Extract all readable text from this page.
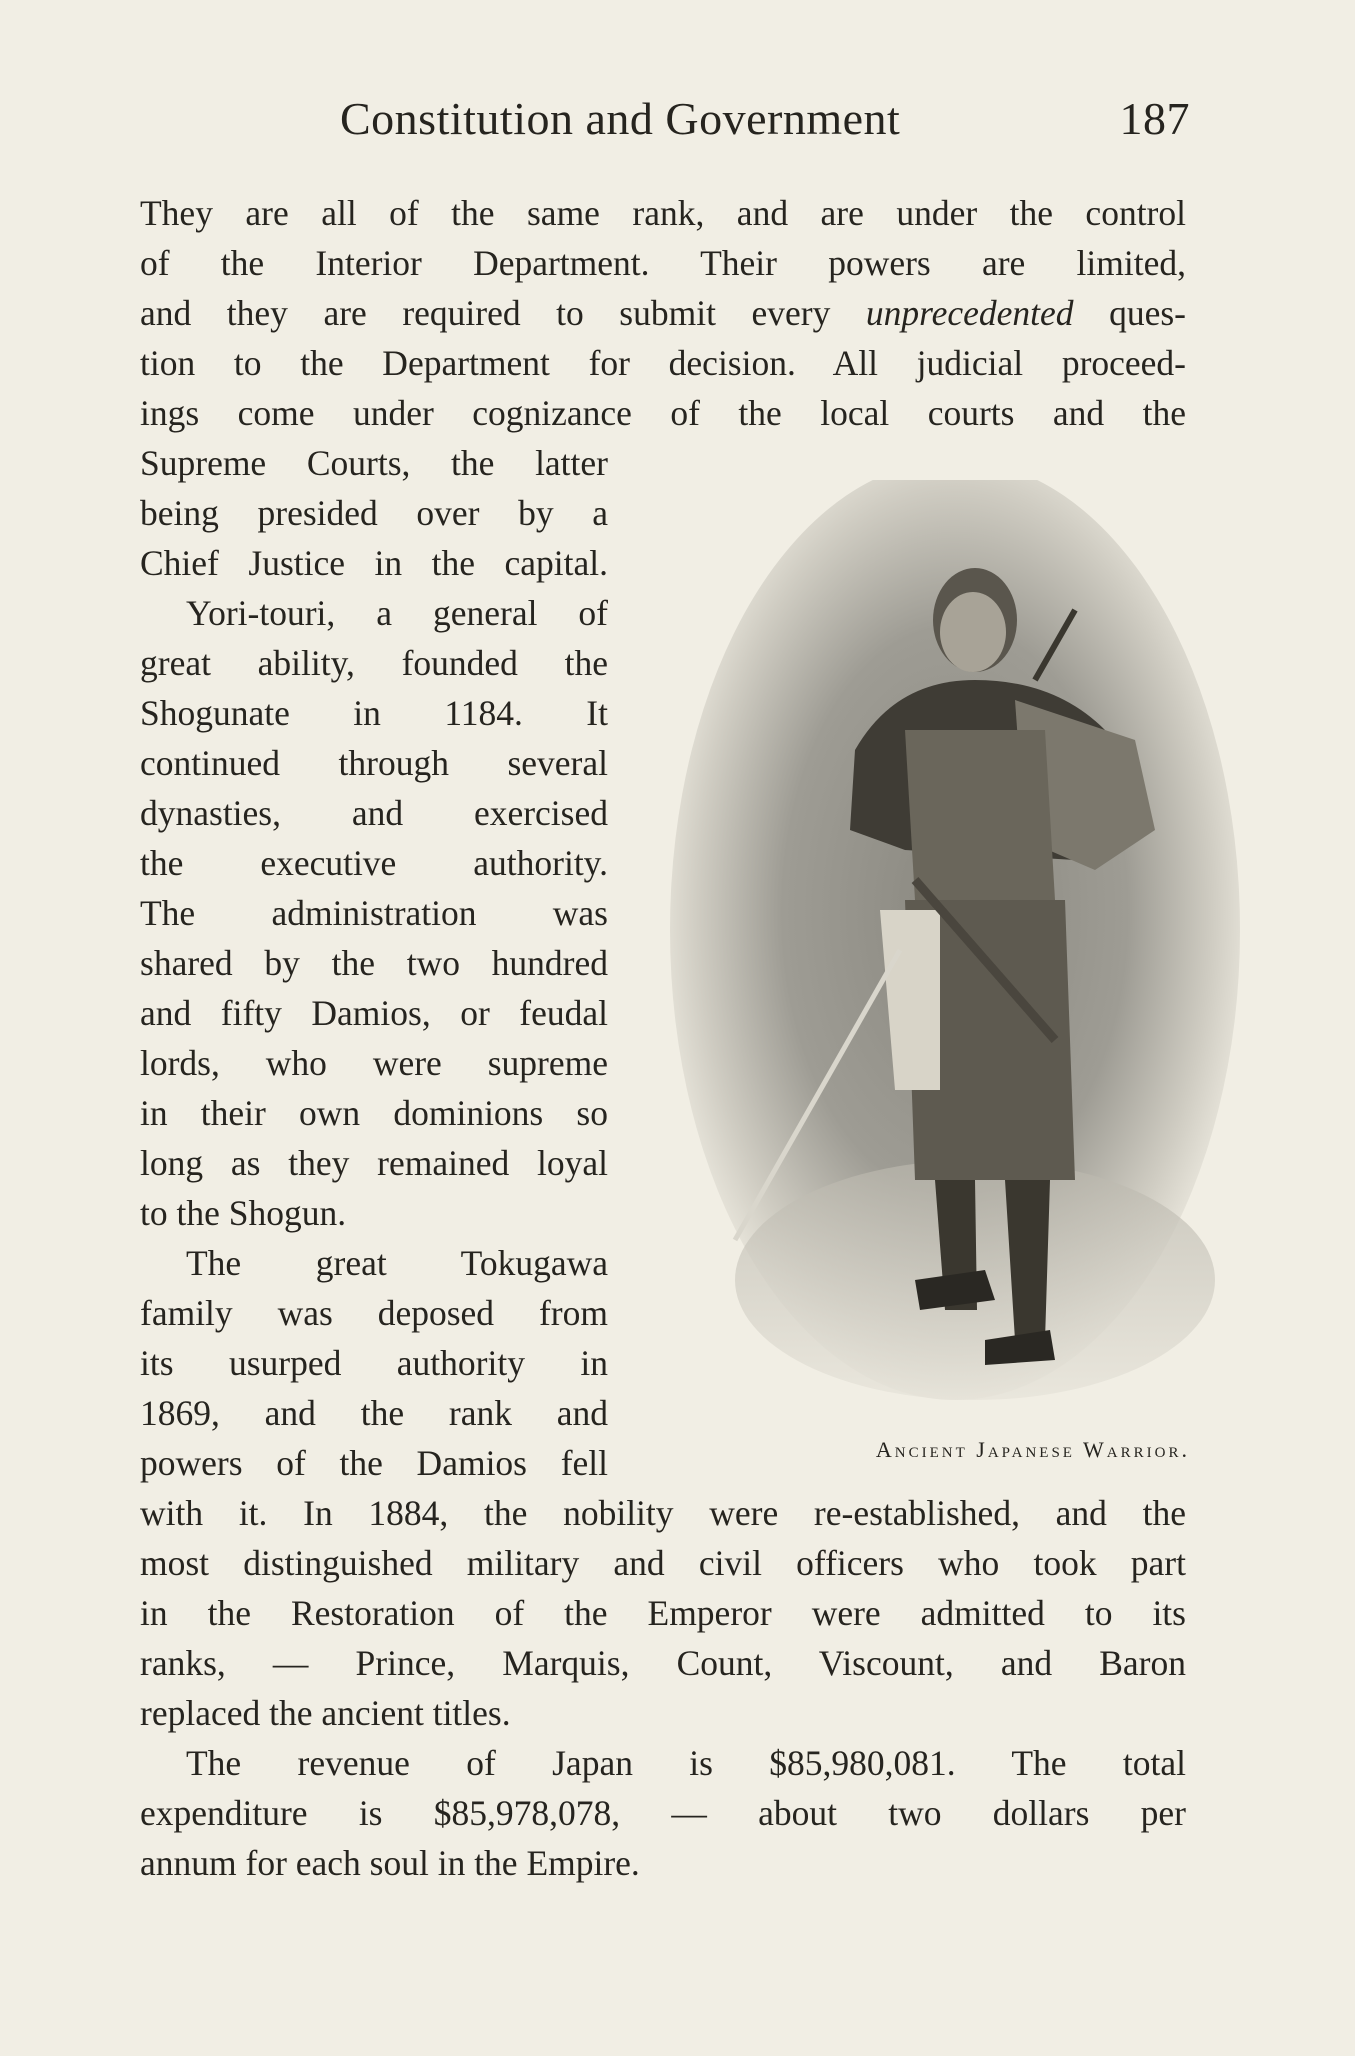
Constitution and Government	187
They are all of the same rank, and are under the control
of the Interior Department. Their powers are limited,
and they are required to submit every unprecedented ques-
tion to the Department for decision. All judicial proceed-
ings come under cognizance of the local courts and the
Supreme Courts, the latter
being presided over by a
Chief Justice in the capital.
Yori-touri, a general of
great ability, founded the
Shogunate in 1184. It
continued through several
dynasties, and exercised
the executive authority.
The administration was
shared by the two hundred
and fifty Damios, or feudal
lords, who were supreme
in their own dominions so
long as they remained loyal
to the Shogun.
The great Tokugawa
family was deposed from
its usurped authority in
1869, and the rank and
powers of the Damios fell
with it. In 1884, the nobility were re-established, and the
most distinguished military and civil officers who took part
in the Restoration of the Emperor were admitted to its
ranks, — Prince, Marquis, Count, Viscount, and Baron
replaced the ancient titles.
The revenue of Japan is $85,980,081. The total
expenditure is $85,978,078, — about two dollars per
annum for each soul in the Empire.
Ancient Japanese Warrior.
